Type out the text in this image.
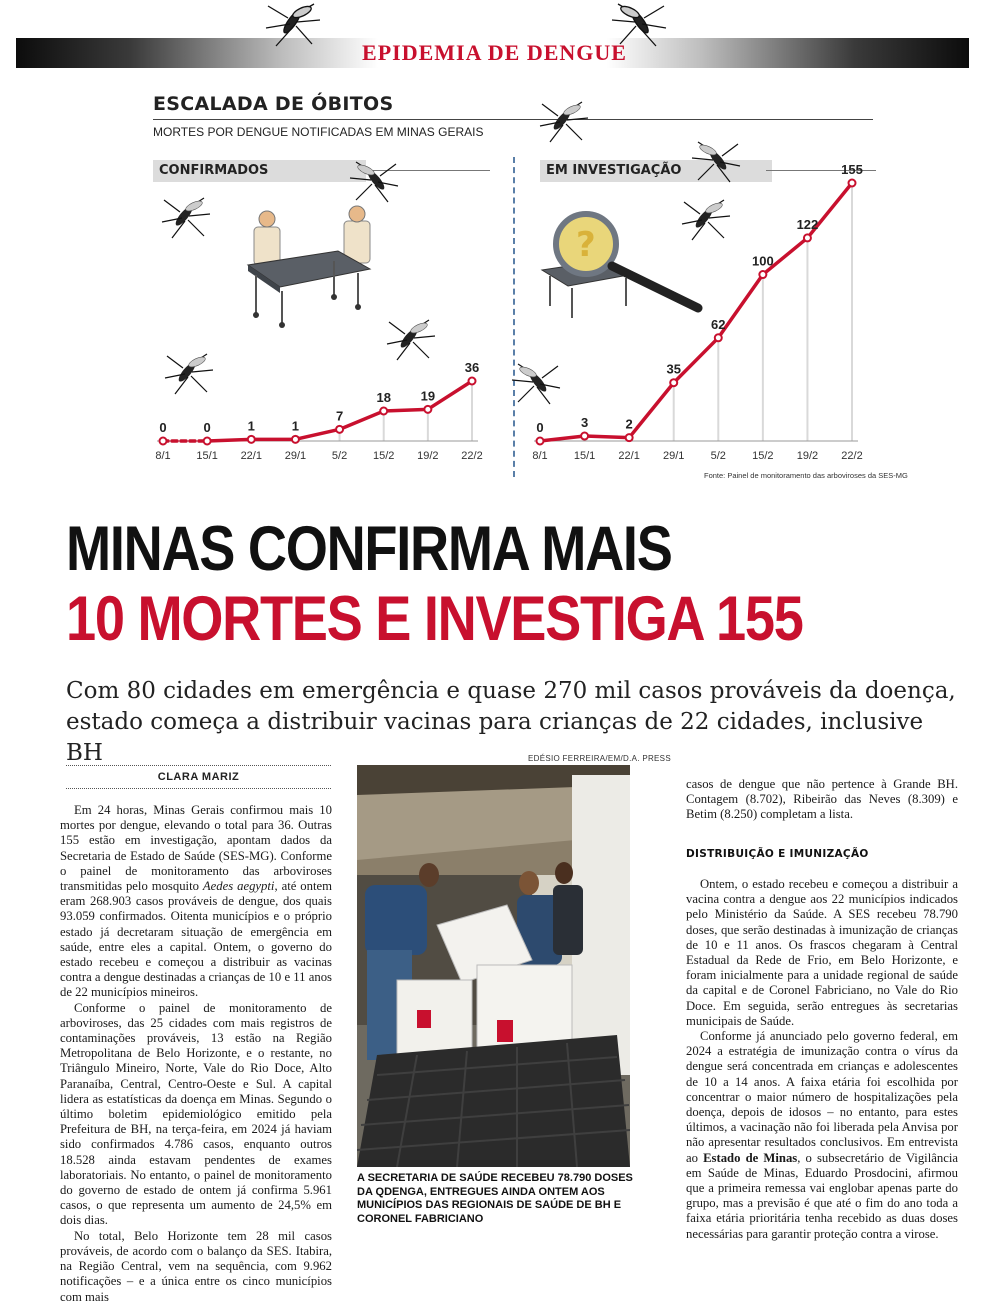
EPIDEMIA DE DENGUE
ESCALADA DE ÓBITOS
MORTES POR DENGUE NOTIFICADAS EM MINAS GERAIS
CONFIRMADOS	EM INVESTIGAÇÃO
?
0
8/1
0
15/1
1
22/1
1
29/1
7
5/2
18
15/2
19
19/2
36
22/2
0
8/1
3
15/1
2
22/1
35
29/1
62
5/2
100
15/2
122
19/2
155
22/2
Fonte: Painel de monitoramento das arboviroses da SES-MG
MINAS CONFIRMA MAIS
10 MORTES E INVESTIGA 155
Com 80 cidades em emergência e quase 270 mil casos prováveis da doença, estado começa a distribuir vacinas para crianças de 22 cidades, inclusive BH
CLARA MARIZ

Em 24 horas, Minas Gerais confirmou mais 10 mortes por dengue, elevando o total para 36. Outras 155 estão em investigação, apontam dados da Secretaria de Estado de Saúde (SES-MG). Conforme o painel de monitoramento das arboviroses transmitidas pelo mosquito Aedes aegypti, até ontem eram 268.903 casos prováveis de dengue, dos quais 93.059 confirmados. Oitenta municípios e o próprio estado já decretaram situação de emergência em saúde, entre eles a capital. Ontem, o governo do estado recebeu e começou a distribuir as vacinas contra a dengue destinadas a crianças de 10 e 11 anos de 22 municípios mineiros.

Conforme o painel de monitoramento de arboviroses, das 25 cidades com mais registros de contaminações prováveis, 13 estão na Região Metropolitana de Belo Horizonte, e o restante, no Triângulo Mineiro, Norte, Vale do Rio Doce, Alto Paranaíba, Central, Centro-Oeste e Sul. A capital lidera as estatísticas da doença em Minas. Segundo o último boletim epidemiológico emitido pela Prefeitura de BH, na terça-feira, em 2024 já haviam sido confirmados 4.786 casos, enquanto outros 18.528 ainda estavam pendentes de exames laboratoriais. No entanto, o painel de monitoramento do governo de estado de ontem já confirma 5.961 casos, o que representa um aumento de 24,5% em dois dias.

No total, Belo Horizonte tem 28 mil casos prováveis, de acordo com o balanço da SES. Itabira, na Região Central, vem na sequência, com 9.962 notificações – e a única entre os cinco municípios com mais

EDÉSIO FERREIRA/EM/D.A. PRESS
A SECRETARIA DE SAÚDE RECEBEU 78.790 DOSES DA QDENGA, ENTREGUES AINDA ONTEM AOS MUNICÍPIOS DAS REGIONAIS DE SAÚDE DE BH E CORONEL FABRICIANO

casos de dengue que não pertence à Grande BH. Contagem (8.702), Ribeirão das Neves (8.309) e Betim (8.250) completam a lista.

DISTRIBUIÇÃO E IMUNIZAÇÃO

Ontem, o estado recebeu e começou a distribuir a vacina contra a dengue aos 22 municípios indicados pelo Ministério da Saúde. A SES recebeu 78.790 doses, que serão destinadas à imunização de crianças de 10 e 11 anos. Os frascos chegaram à Central Estadual da Rede de Frio, em Belo Horizonte, e foram inicialmente para a unidade regional de saúde da capital e de Coronel Fabriciano, no Vale do Rio Doce. Em seguida, serão entregues às secretarias municipais de Saúde.

Conforme já anunciado pelo governo federal, em 2024 a estratégia de imunização contra o vírus da dengue será concentrada em crianças e adolescentes de 10 a 14 anos. A faixa etária foi escolhida por concentrar o maior número de hospitalizações pela doença, depois de idosos – no entanto, para estes últimos, a vacinação não foi liberada pela Anvisa por não apresentar resultados conclusivos. Em entrevista ao Estado de Minas, o subsecretário de Vigilância em Saúde de Minas, Eduardo Prosdocini, afirmou que a primeira remessa vai englobar apenas parte do grupo, mas a previsão é que até o fim do ano toda a faixa etária prioritária tenha recebido as duas doses necessárias para garantir proteção contra a virose.
